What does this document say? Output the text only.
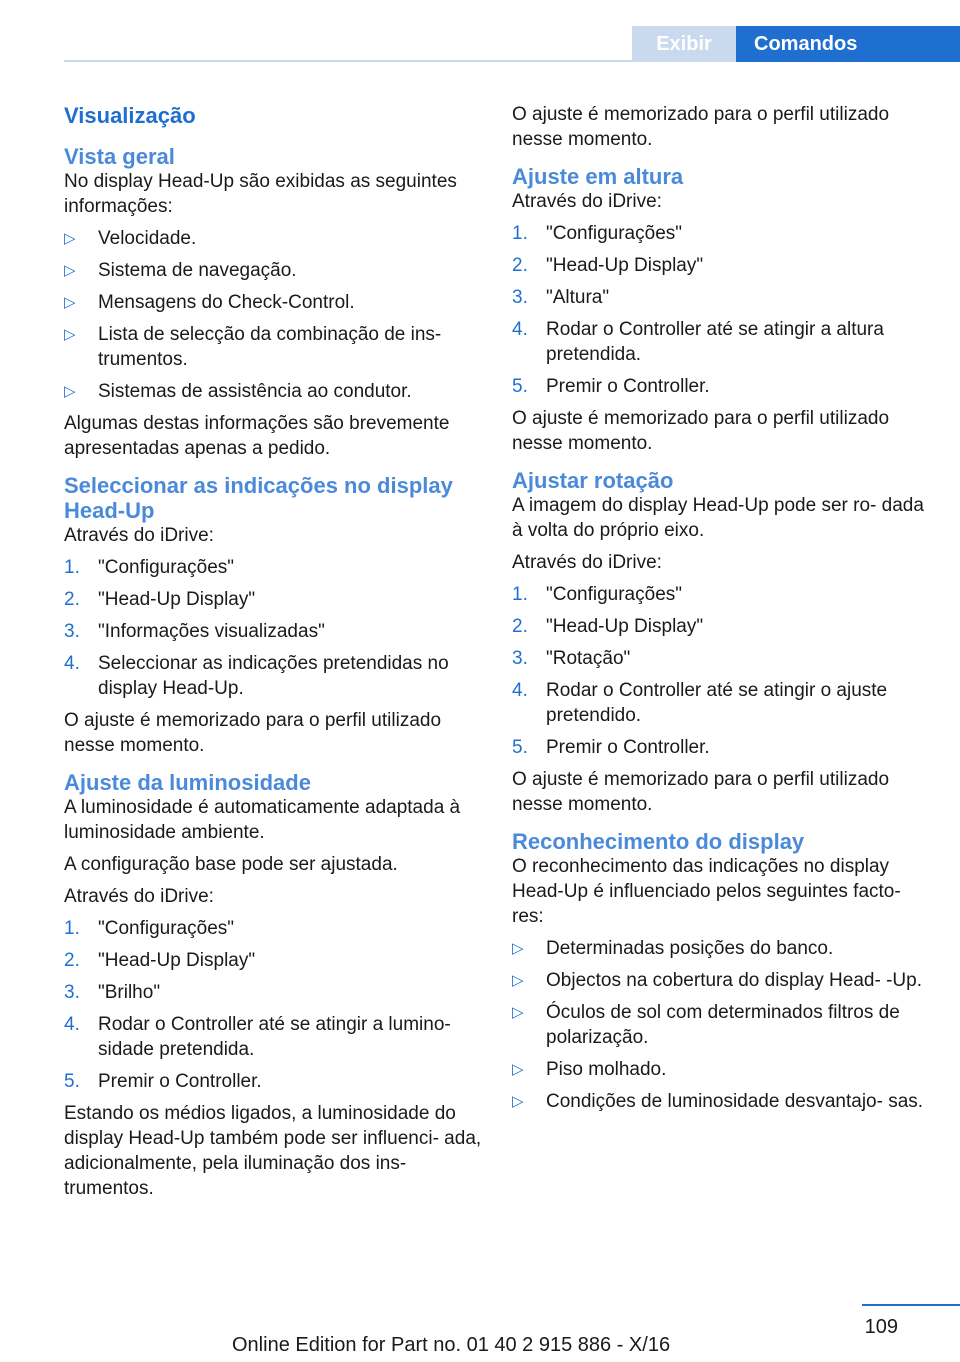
Exibir	Comandos
Visualização
Vista geral

No display Head-Up são exibidas as seguintes informações:

▷ Velocidade.
▷ Sistema de navegação.
▷ Mensagens do Check-Control.
▷ Lista de selecção da combinação de ins- trumentos.
▷ Sistemas de assistência ao condutor.

Algumas destas informações são brevemente apresentadas apenas a pedido.

Seleccionar as indicações no display Head-Up

Através do iDrive:

1. "Configurações"
2. "Head-Up Display"
3. "Informações visualizadas"
4. Seleccionar as indicações pretendidas no display Head-Up.

O ajuste é memorizado para o perfil utilizado nesse momento.

Ajuste da luminosidade

A luminosidade é automaticamente adaptada à luminosidade ambiente.

A configuração base pode ser ajustada.

Através do iDrive:

1. "Configurações"
2. "Head-Up Display"
3. "Brilho"
4. Rodar o Controller até se atingir a lumino- sidade pretendida.
5. Premir o Controller.

Estando os médios ligados, a luminosidade do display Head-Up também pode ser influenci- ada, adicionalmente, pela iluminação dos ins- trumentos.

O ajuste é memorizado para o perfil utilizado nesse momento.

Ajuste em altura

Através do iDrive:

1. "Configurações"
2. "Head-Up Display"
3. "Altura"
4. Rodar o Controller até se atingir a altura pretendida.
5. Premir o Controller.

O ajuste é memorizado para o perfil utilizado nesse momento.

Ajustar rotação

A imagem do display Head-Up pode ser ro- dada à volta do próprio eixo.

Através do iDrive:

1. "Configurações"
2. "Head-Up Display"
3. "Rotação"
4. Rodar o Controller até se atingir o ajuste pretendido.
5. Premir o Controller.

O ajuste é memorizado para o perfil utilizado nesse momento.

Reconhecimento do display

O reconhecimento das indicações no display Head-Up é influenciado pelos seguintes facto- res:

▷ Determinadas posições do banco.
▷ Objectos na cobertura do display Head- -Up.
▷ Óculos de sol com determinados filtros de polarização.
▷ Piso molhado.
▷ Condições de luminosidade desvantajo- sas.
109
Online Edition for Part no. 01 40 2 915 886 - X/16
